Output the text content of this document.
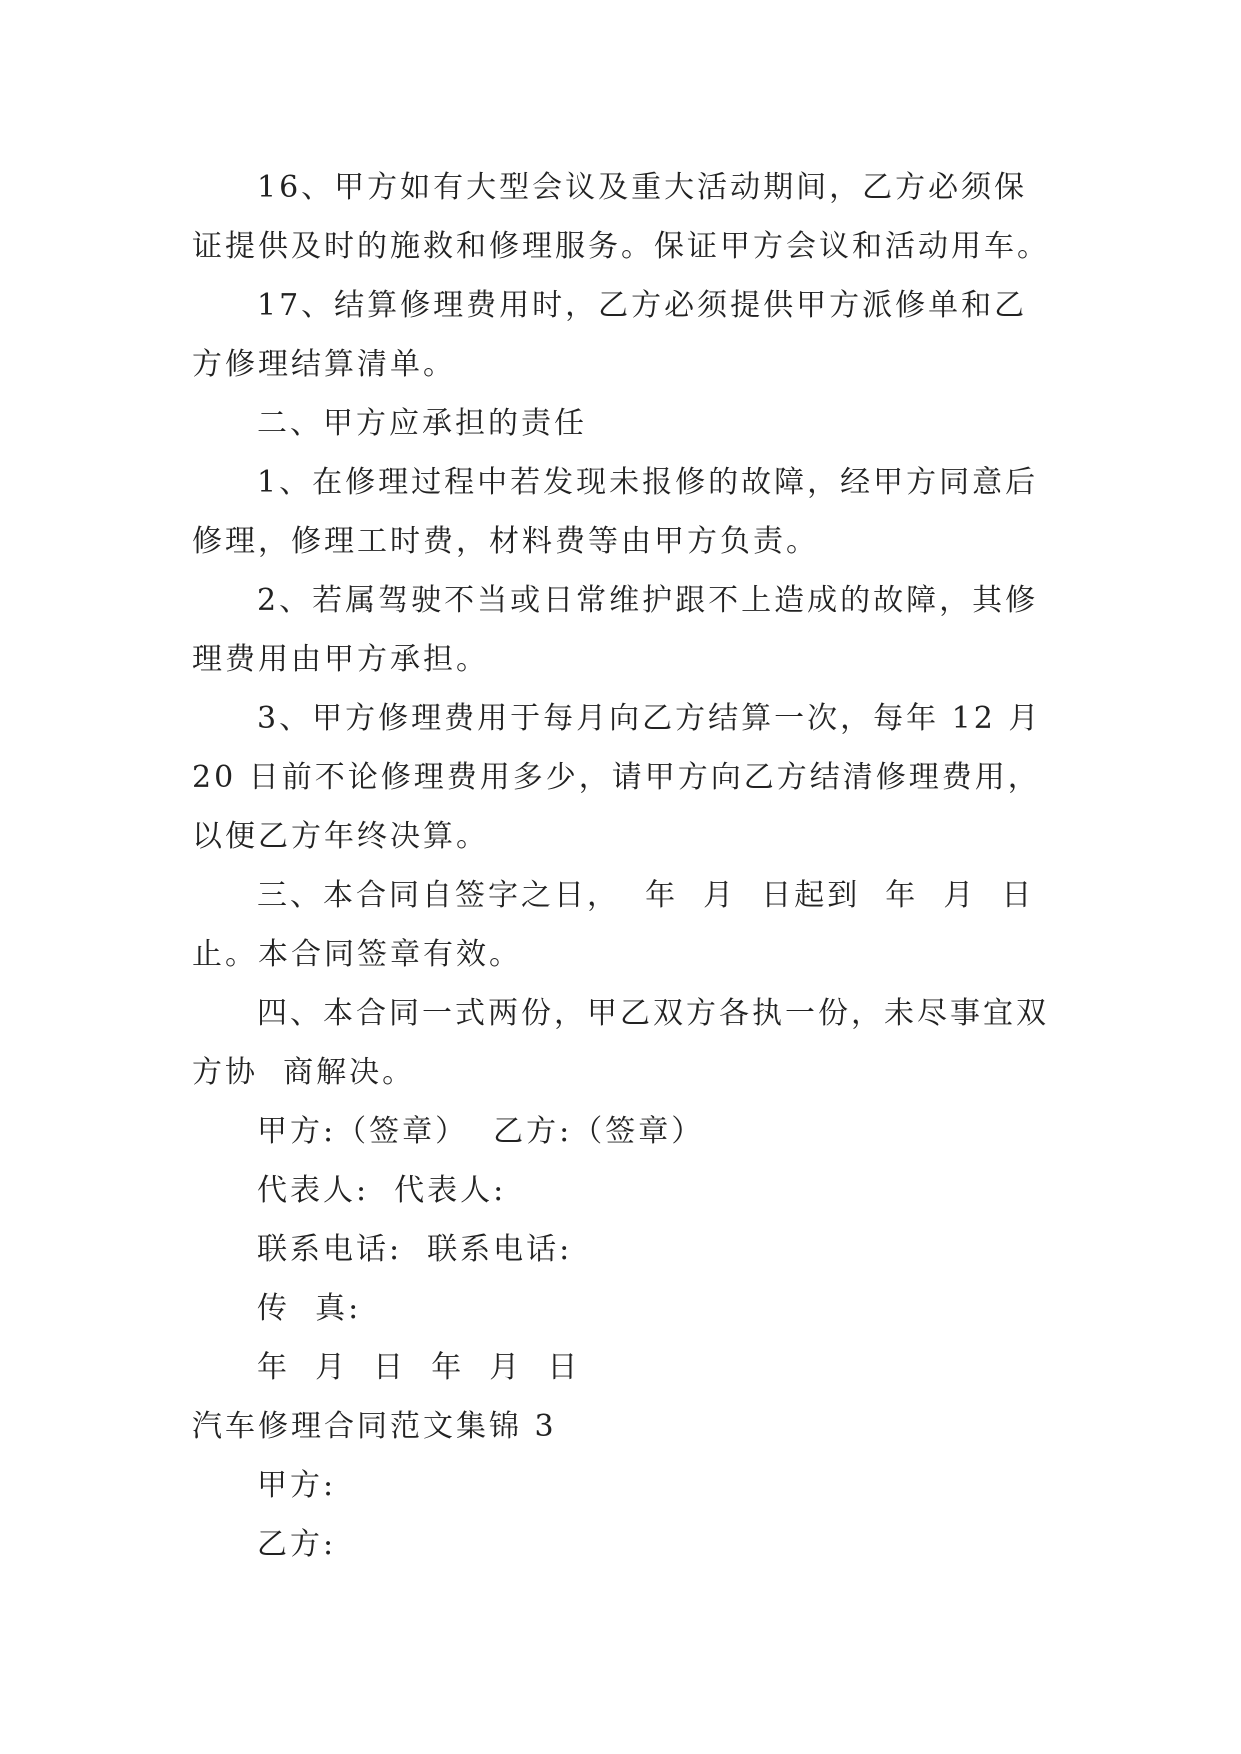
16、甲方如有大型会议及重大活动期间，乙方必须保证提供及时的施救和修理服务。保证甲方会议和活动用车。

17、结算修理费用时，乙方必须提供甲方派修单和乙方修理结算清单。

二、甲方应承担的责任

1、在修理过程中若发现未报修的故障，经甲方同意后修理，修理工时费，材料费等由甲方负责。

2、若属驾驶不当或日常维护跟不上造成的故障，其修理费用由甲方承担。

3、甲方修理费用于每月向乙方结算一次，每年 12 月 20 日前不论修理费用多少，请甲方向乙方结清修理费用，以便乙方年终决算。

三、本合同自签字之日，  年  月  日起到  年  月  日止。本合同签章有效。

四、本合同一式两份，甲乙双方各执一份，未尽事宜双方协  商解决。

甲方:（签章）  乙方:（签章）

代表人:  代表人:

联系电话:  联系电话:

传  真:

年  月  日  年  月  日

汽车修理合同范文集锦 3

甲方:

乙方:
